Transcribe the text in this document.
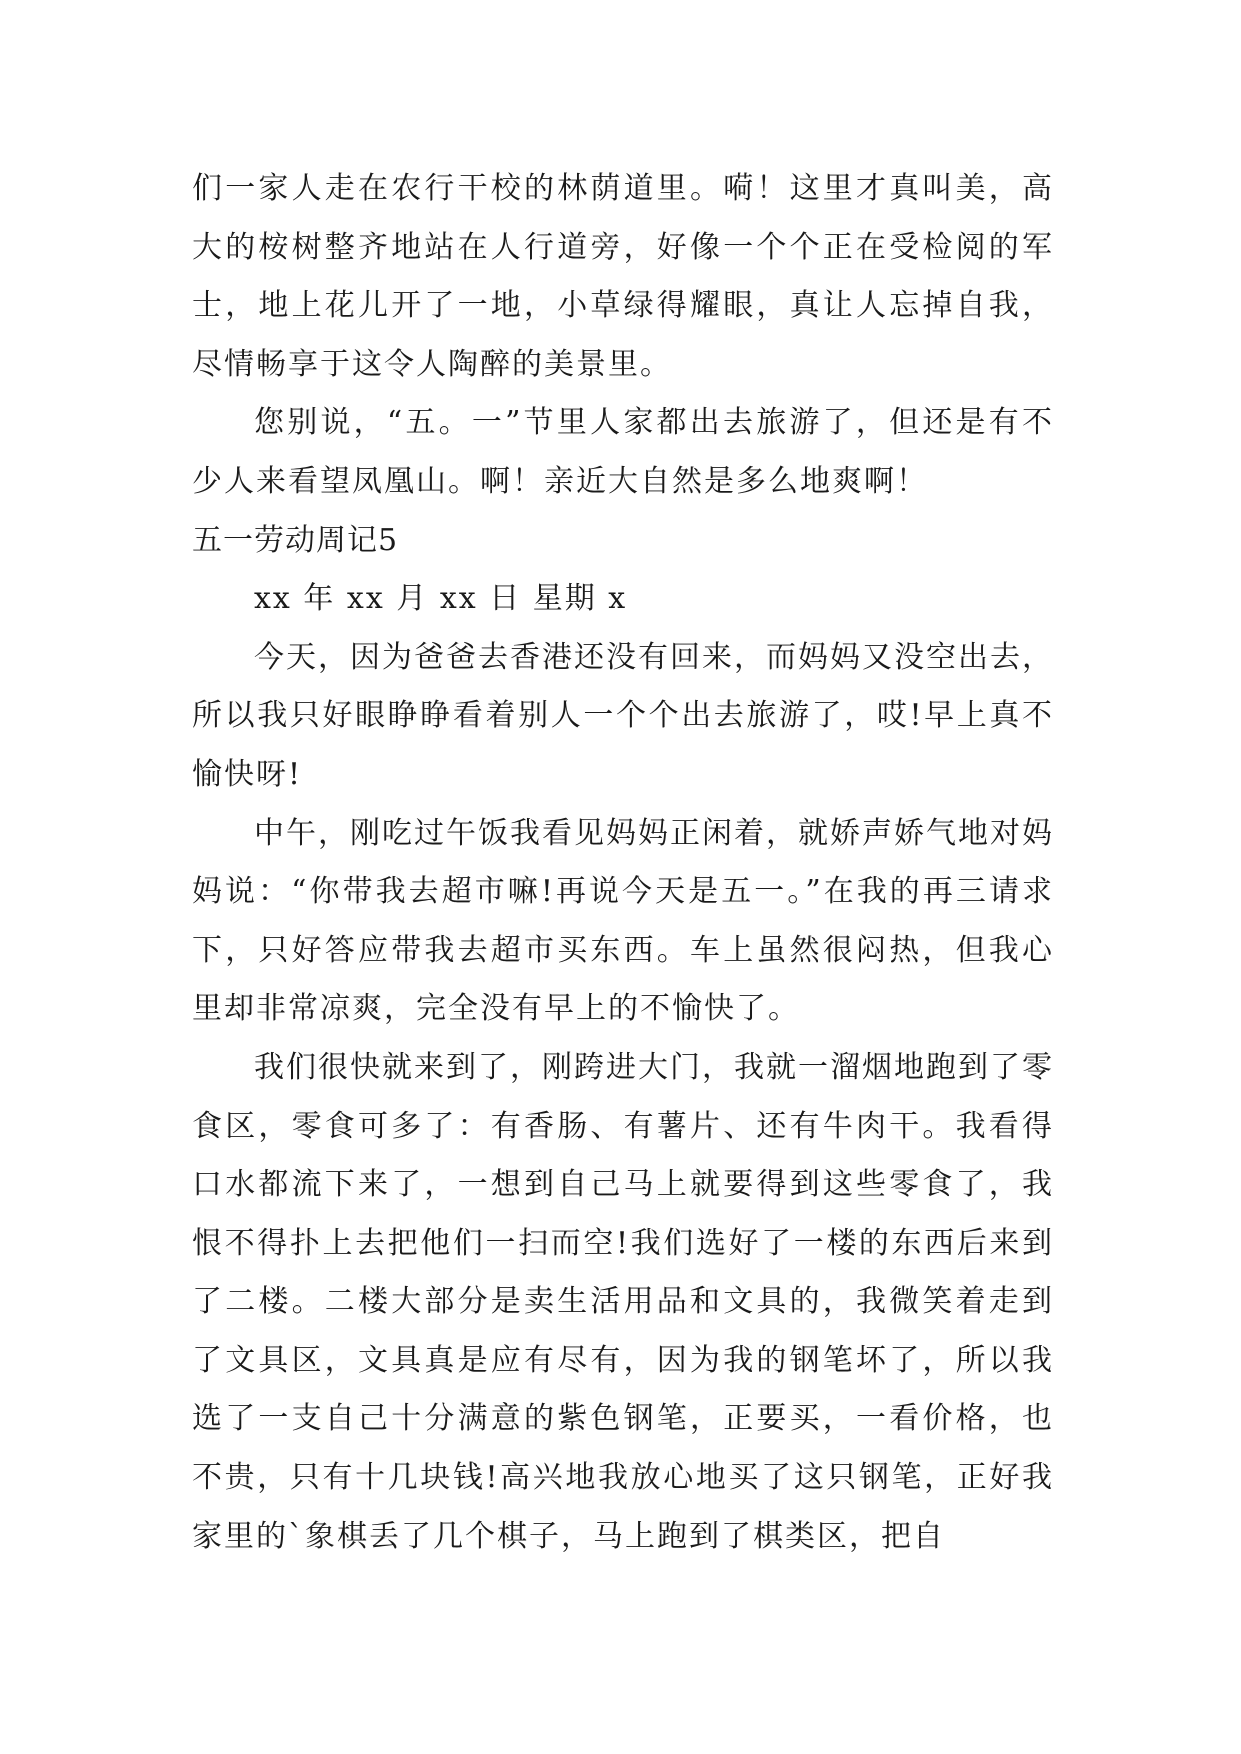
们一家人走在农行干校的林荫道里。嗬！这里才真叫美，高大的桉树整齐地站在人行道旁，好像一个个正在受检阅的军士，地上花儿开了一地，小草绿得耀眼，真让人忘掉自我，尽情畅享于这令人陶醉的美景里。

您别说，“五。一”节里人家都出去旅游了，但还是有不少人来看望凤凰山。啊！亲近大自然是多么地爽啊！

五一劳动周记5

xx 年 xx 月 xx 日 星期 x

今天，因为爸爸去香港还没有回来，而妈妈又没空出去，所以我只好眼睁睁看着别人一个个出去旅游了，哎!早上真不愉快呀!

中午，刚吃过午饭我看见妈妈正闲着，就娇声娇气地对妈妈说：“你带我去超市嘛!再说今天是五一。”在我的再三请求下，只好答应带我去超市买东西。车上虽然很闷热，但我心里却非常凉爽，完全没有早上的不愉快了。

我们很快就来到了，刚跨进大门，我就一溜烟地跑到了零食区，零食可多了：有香肠、有薯片、还有牛肉干。我看得口水都流下来了，一想到自己马上就要得到这些零食了，我恨不得扑上去把他们一扫而空!我们选好了一楼的东西后来到了二楼。二楼大部分是卖生活用品和文具的，我微笑着走到了文具区，文具真是应有尽有，因为我的钢笔坏了，所以我选了一支自己十分满意的紫色钢笔，正要买，一看价格，也不贵，只有十几块钱!高兴地我放心地买了这只钢笔，正好我家里的`象棋丢了几个棋子，马上跑到了棋类区，把自
